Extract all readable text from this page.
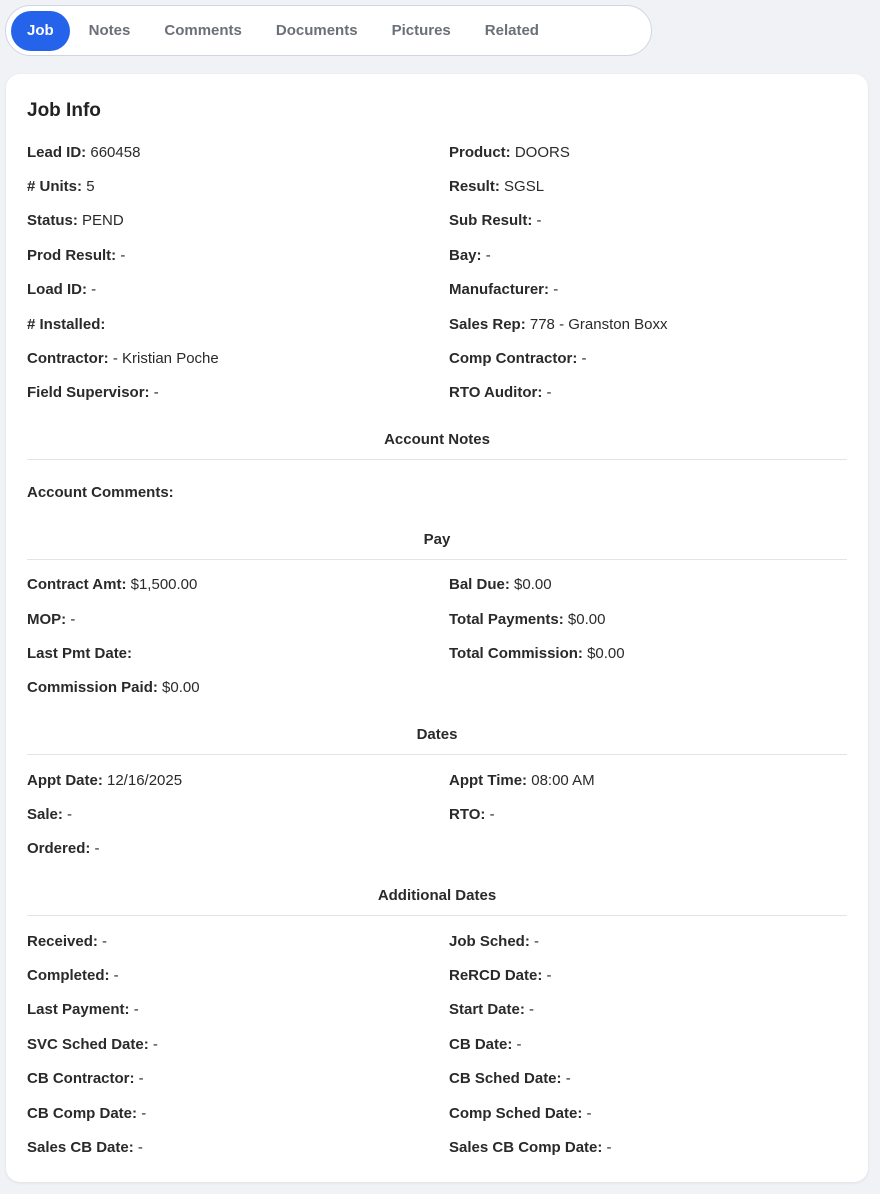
Job	Notes	Comments	Documents	Pictures	Related
Job Info
Lead ID: 660458	Product: DOORS
# Units: 5	Result: SGSL
Status: PEND	Sub Result: -
Prod Result: -	Bay: -
Load ID: -	Manufacturer: -
# Installed:	Sales Rep: 778 - Granston Boxx
Contractor: - Kristian Poche	Comp Contractor: -
Field Supervisor: -	RTO Auditor: -
Account Notes
Account Comments:
Pay
Contract Amt: $1,500.00	Bal Due: $0.00
MOP: -	Total Payments: $0.00
Last Pmt Date:	Total Commission: $0.00
Commission Paid: $0.00
Dates
Appt Date: 12/16/2025	Appt Time: 08:00 AM
Sale: -	RTO: -
Ordered: -
Additional Dates
Received: -	Job Sched: -
Completed: -	ReRCD Date: -
Last Payment: -	Start Date: -
SVC Sched Date: -	CB Date: -
CB Contractor: -	CB Sched Date: -
CB Comp Date: -	Comp Sched Date: -
Sales CB Date: -	Sales CB Comp Date: -
